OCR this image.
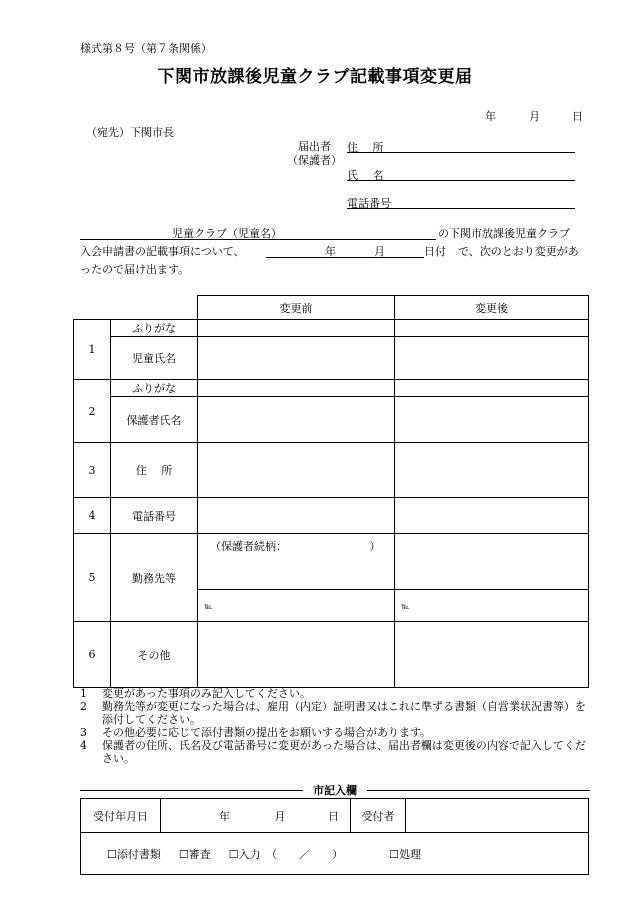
様式第８号（第７条関係）
下関市放課後児童クラブ記載事項変更届
年	月	日
（宛先）下関市長
届出者
（保護者）
住　 所
氏　 名
電話番号
児童クラブ（児童名）	の下関市放課後児童クラブ
入会申請書の記載事項について、	年	月	日付 で、次のとおり変更があ
ったので届け出ます。
		変更前	変更後
1	ふりがな		
	児童氏名		
2	ふりがな		
	保護者氏名		
3	住　 所		
4	電話番号		
5	勤務先等	（保護者続柄：　　　　　　　　）	

		℡	℡
6	その他		
1	変更があった事項のみ記入してください。
2	勤務先等が変更になった場合は、雇用（内定）証明書又はこれに準ずる書類（自営業状況書等）を添付してください。
3	その他必要に応じて添付書類の提出をお願いする場合があります。
4	保護者の住所、氏名及び電話番号に変更があった場合は、届出者欄は変更後の内容で記入してください。
市記入欄
受付年月日	年	月	日	受付者	

☐添付書類 ☐審査 ☐入力　（　　／　　）	☐処理
